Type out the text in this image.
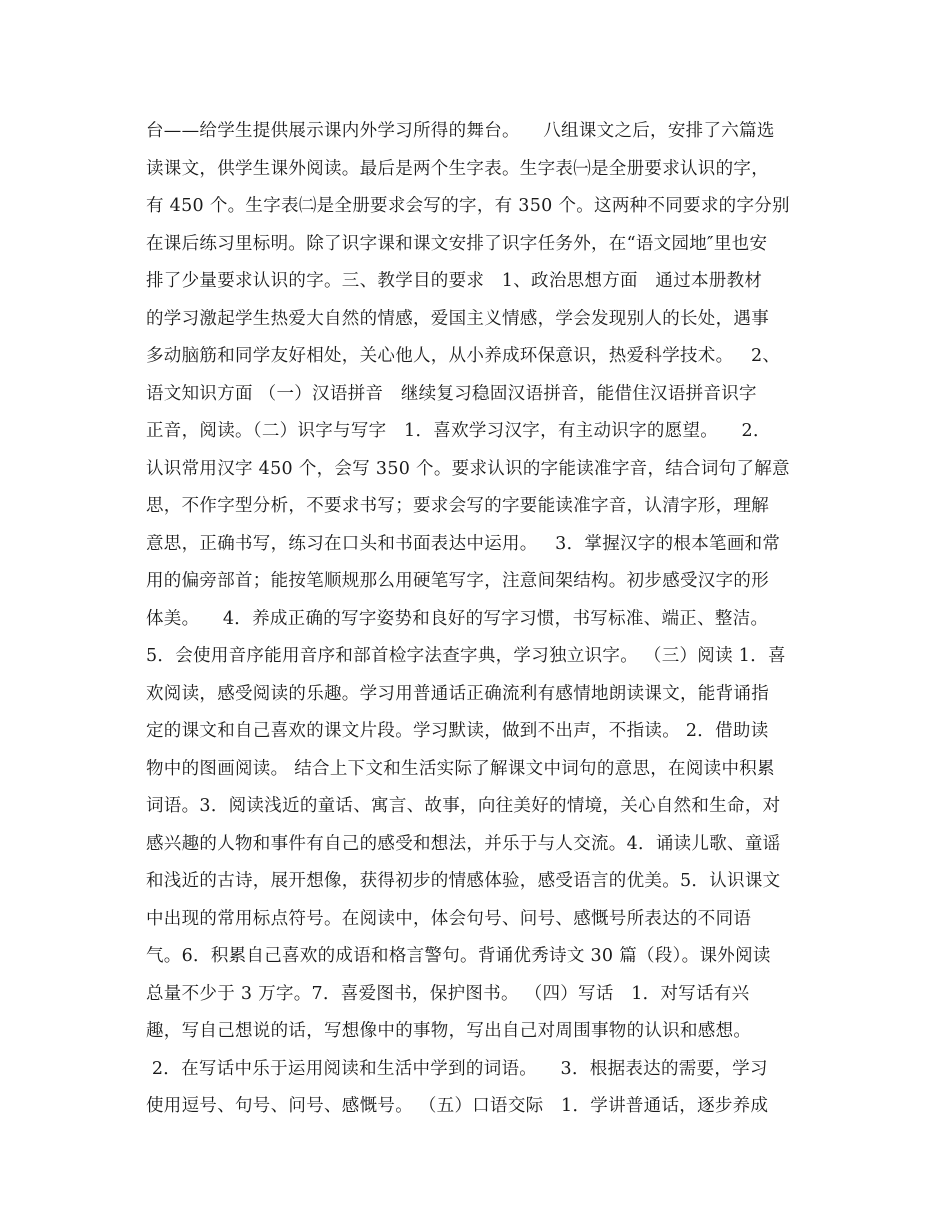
台——给学生提供展示课内外学习所得的舞台。    八组课文之后，安排了六篇选
读课文，供学生课外阅读。最后是两个生字表。生字表㈠是全册要求认识的字，
有 450 个。生字表㈡是全册要求会写的字，有 350 个。这两种不同要求的字分别
在课后练习里标明。除了识字课和课文安排了识字任务外，在“语文园地″里也安
排了少量要求认识的字。三、教学目的要求   1、政治思想方面   通过本册教材
的学习激起学生热爱大自然的情感，爱国主义情感，学会发现别人的长处，遇事
多动脑筋和同学友好相处，关心他人，从小养成环保意识，热爱科学技术。   2、
语文知识方面 （一）汉语拼音   继续复习稳固汉语拼音，能借住汉语拼音识字
正音，阅读。（二）识字与写字   1．喜欢学习汉字，有主动识字的愿望。    2．
认识常用汉字 450 个，会写 350 个。要求认识的字能读准字音，结合词句了解意
思，不作字型分析，不要求书写；要求会写的字要能读准字音，认清字形，理解
意思，正确书写，练习在口头和书面表达中运用。   3．掌握汉字的根本笔画和常
用的偏旁部首；能按笔顺规那么用硬笔写字，注意间架结构。初步感受汉字的形
体美。    4．养成正确的写字姿势和良好的写字习惯，书写标准、端正、整洁。
5．会使用音序能用音序和部首检字法查字典，学习独立识字。 （三）阅读 1．喜
欢阅读，感受阅读的乐趣。学习用普通话正确流利有感情地朗读课文，能背诵指
定的课文和自己喜欢的课文片段。学习默读，做到不出声，不指读。 2．借助读
物中的图画阅读。 结合上下文和生活实际了解课文中词句的意思，在阅读中积累
词语。3．阅读浅近的童话、寓言、故事，向往美好的情境，关心自然和生命，对
感兴趣的人物和事件有自己的感受和想法，并乐于与人交流。4．诵读儿歌、童谣
和浅近的古诗，展开想像，获得初步的情感体验，感受语言的优美。5．认识课文
中出现的常用标点符号。在阅读中，体会句号、问号、感慨号所表达的不同语
气。6．积累自己喜欢的成语和格言警句。背诵优秀诗文 30 篇（段）。课外阅读
总量不少于 3 万字。7．喜爱图书，保护图书。 （四）写话   1．对写话有兴
趣，写自己想说的话，写想像中的事物，写出自己对周围事物的认识和感想。
2．在写话中乐于运用阅读和生活中学到的词语。    3．根据表达的需要，学习
使用逗号、句号、问号、感慨号。 （五）口语交际   1．学讲普通话，逐步养成
